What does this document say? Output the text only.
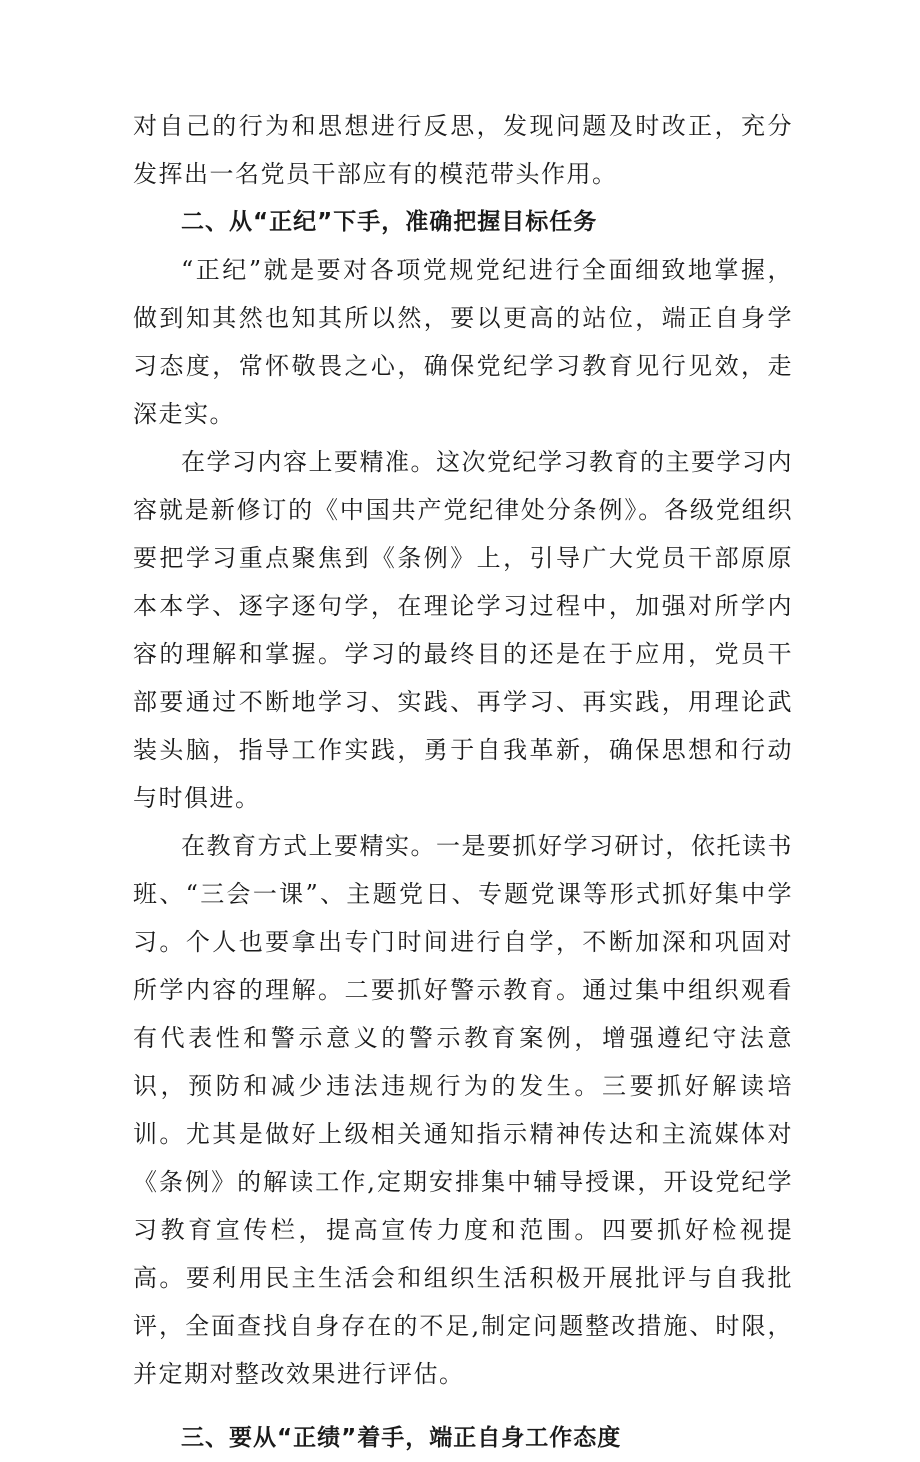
对自己的行为和思想进行反思，发现问题及时改正，充分发挥出一名党员干部应有的模范带头作用。

二、从“正纪”下手，准确把握目标任务

“正纪”就是要对各项党规党纪进行全面细致地掌握，做到知其然也知其所以然，要以更高的站位，端正自身学习态度，常怀敬畏之心，确保党纪学习教育见行见效，走深走实。

在学习内容上要精准。这次党纪学习教育的主要学习内容就是新修订的《中国共产党纪律处分条例》。各级党组织要把学习重点聚焦到《条例》上，引导广大党员干部原原本本学、逐字逐句学，在理论学习过程中，加强对所学内容的理解和掌握。学习的最终目的还是在于应用，党员干部要通过不断地学习、实践、再学习、再实践，用理论武装头脑，指导工作实践，勇于自我革新，确保思想和行动与时俱进。

在教育方式上要精实。一是要抓好学习研讨，依托读书班、“三会一课”、主题党日、专题党课等形式抓好集中学习。个人也要拿出专门时间进行自学，不断加深和巩固对所学内容的理解。二要抓好警示教育。通过集中组织观看有代表性和警示意义的警示教育案例，增强遵纪守法意识，预防和减少违法违规行为的发生。三要抓好解读培训。尤其是做好上级相关通知指示精神传达和主流媒体对《条例》的解读工作,定期安排集中辅导授课，开设党纪学习教育宣传栏，提高宣传力度和范围。四要抓好检视提高。要利用民主生活会和组织生活积极开展批评与自我批评，全面查找自身存在的不足,制定问题整改措施、时限，并定期对整改效果进行评估。

三、要从“正绩”着手，端正自身工作态度
